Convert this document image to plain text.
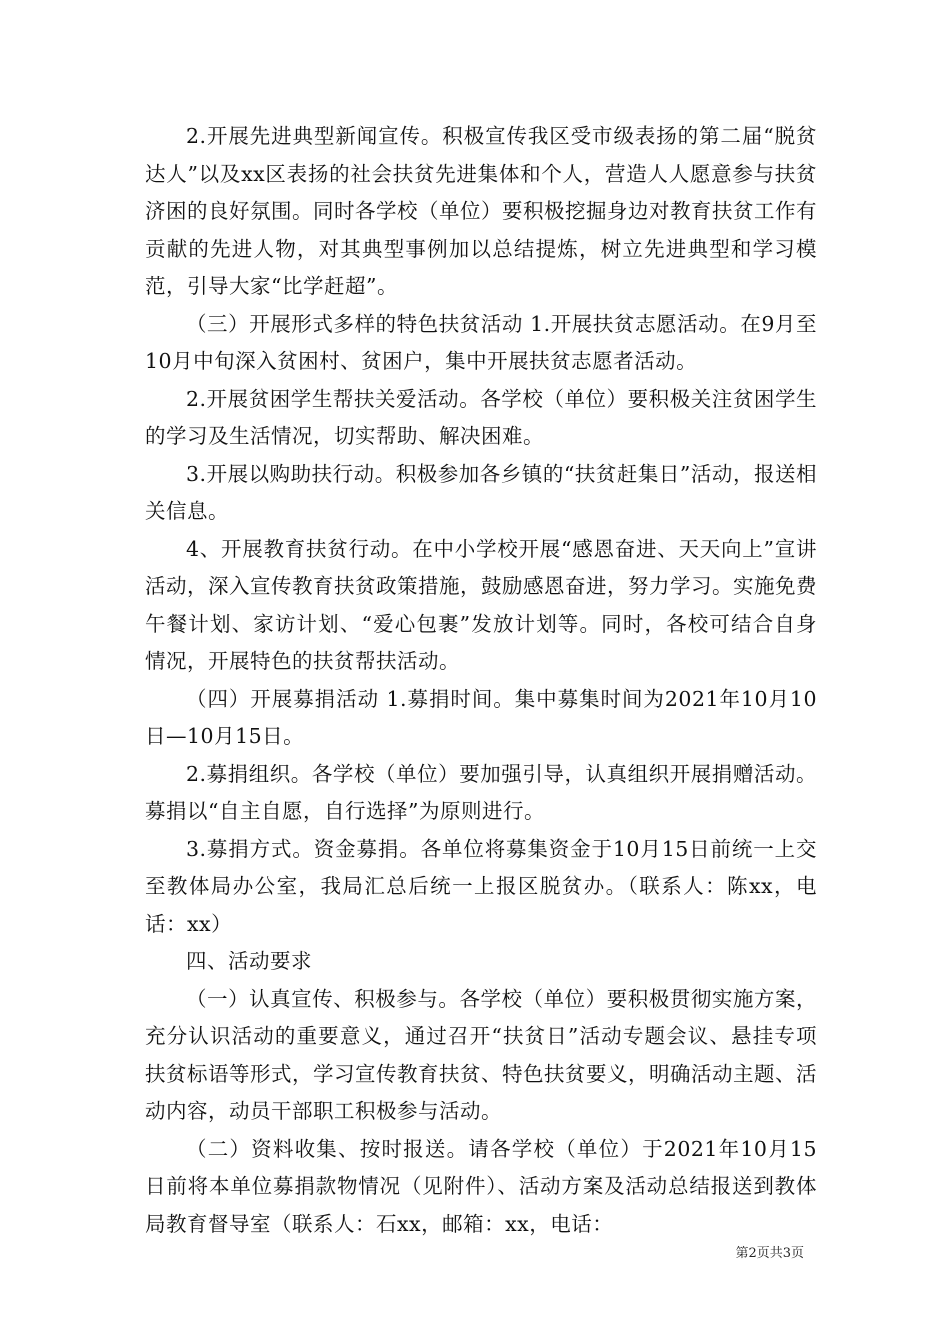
2.开展先进典型新闻宣传。积极宣传我区受市级表扬的第二届“脱贫达人”以及xx区表扬的社会扶贫先进集体和个人，营造人人愿意参与扶贫济困的良好氛围。同时各学校（单位）要积极挖掘身边对教育扶贫工作有贡献的先进人物，对其典型事例加以总结提炼，树立先进典型和学习模范，引导大家“比学赶超”。

（三）开展形式多样的特色扶贫活动 1.开展扶贫志愿活动。在9月至10月中旬深入贫困村、贫困户，集中开展扶贫志愿者活动。

2.开展贫困学生帮扶关爱活动。各学校（单位）要积极关注贫困学生的学习及生活情况，切实帮助、解决困难。

3.开展以购助扶行动。积极参加各乡镇的“扶贫赶集日”活动，报送相关信息。

4、开展教育扶贫行动。在中小学校开展“感恩奋进、天天向上”宣讲活动，深入宣传教育扶贫政策措施，鼓励感恩奋进，努力学习。实施免费午餐计划、家访计划、“爱心包裹”发放计划等。同时，各校可结合自身情况，开展特色的扶贫帮扶活动。

（四）开展募捐活动 1.募捐时间。集中募集时间为2021年10月10日—10月15日。

2.募捐组织。各学校（单位）要加强引导，认真组织开展捐赠活动。募捐以“自主自愿，自行选择”为原则进行。

3.募捐方式。资金募捐。各单位将募集资金于10月15日前统一上交至教体局办公室，我局汇总后统一上报区脱贫办。（联系人：陈xx，电话：xx）

四、活动要求

（一）认真宣传、积极参与。各学校（单位）要积极贯彻实施方案，充分认识活动的重要意义，通过召开“扶贫日”活动专题会议、悬挂专项扶贫标语等形式，学习宣传教育扶贫、特色扶贫要义，明确活动主题、活动内容，动员干部职工积极参与活动。

（二）资料收集、按时报送。请各学校（单位）于2021年10月15日前将本单位募捐款物情况（见附件）、活动方案及活动总结报送到教体局教育督导室（联系人：石xx，邮箱：xx，电话：

第2页共3页
